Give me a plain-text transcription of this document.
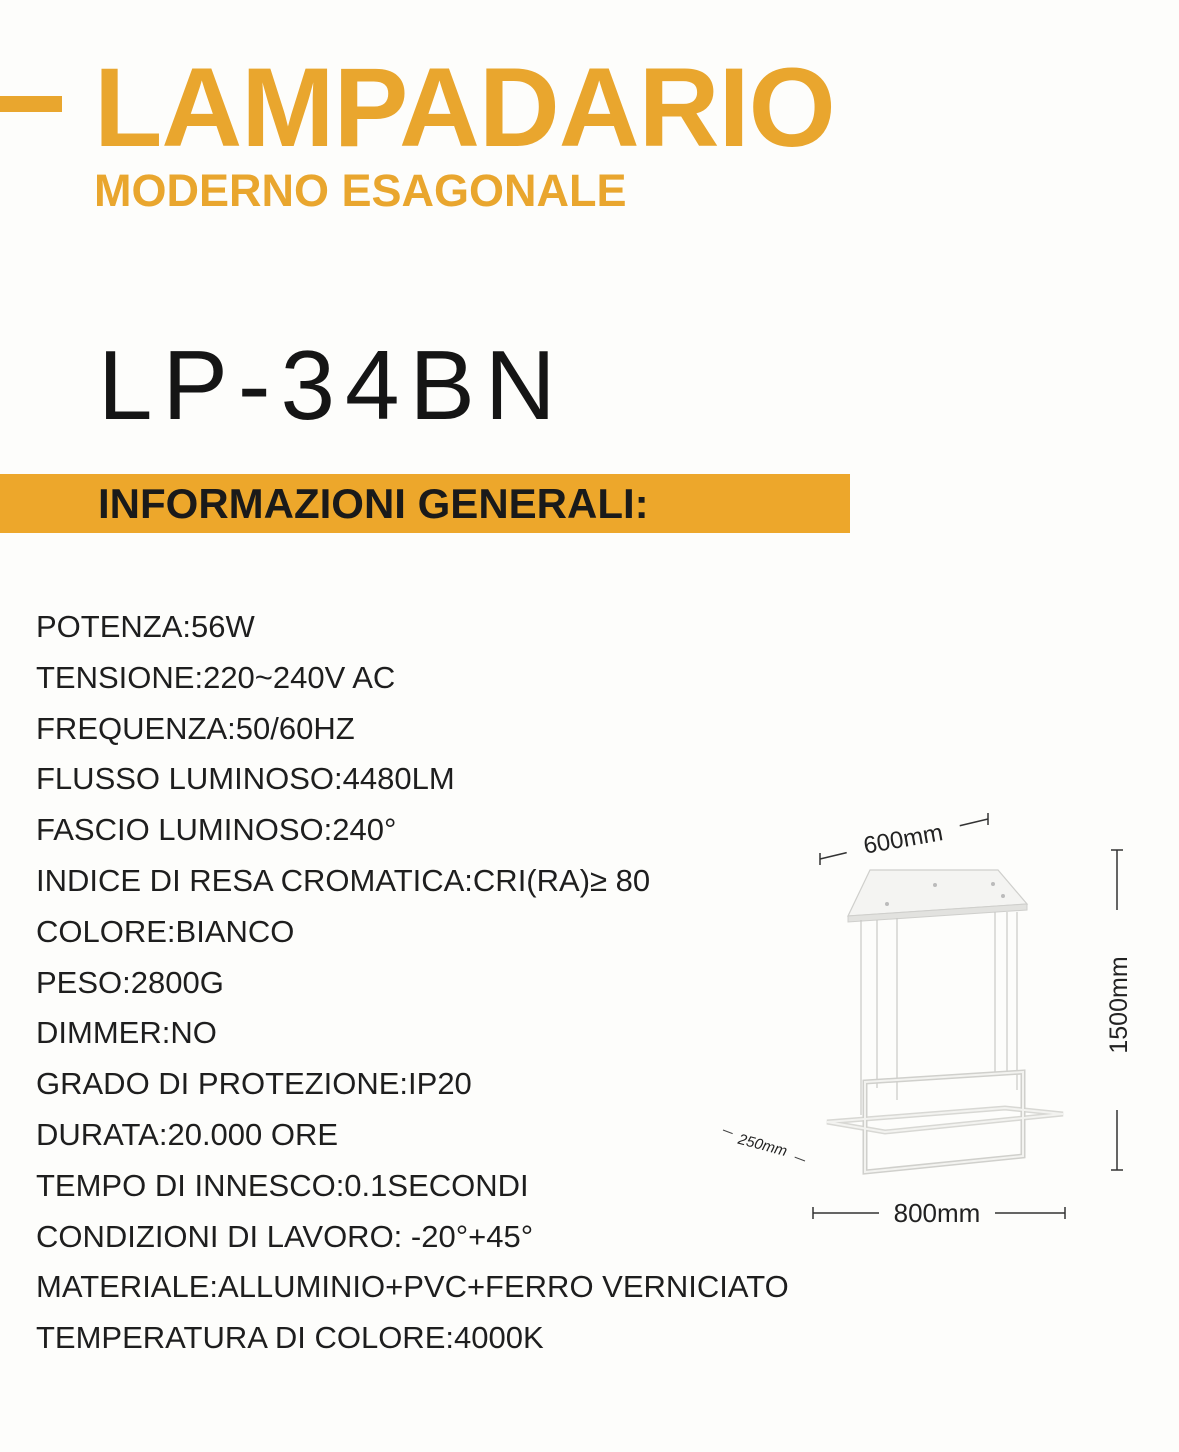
LAMPADARIO
MODERNO ESAGONALE
LP-34BN
INFORMAZIONI GENERALI:
POTENZA:56W
TENSIONE:220~240V AC
FREQUENZA:50/60HZ
FLUSSO LUMINOSO:4480LM
FASCIO LUMINOSO:240°
INDICE DI RESA CROMATICA:CRI(RA)≥ 80
COLORE:BIANCO
PESO:2800G
DIMMER:NO
GRADO DI PROTEZIONE:IP20
DURATA:20.000 ORE
TEMPO DI INNESCO:0.1SECONDI
CONDIZIONI DI LAVORO: -20°+45°
MATERIALE:ALLUMINIO+PVC+FERRO VERNICIATO
TEMPERATURA DI COLORE:4000K
600mm
1500mm
250mm
800mm
